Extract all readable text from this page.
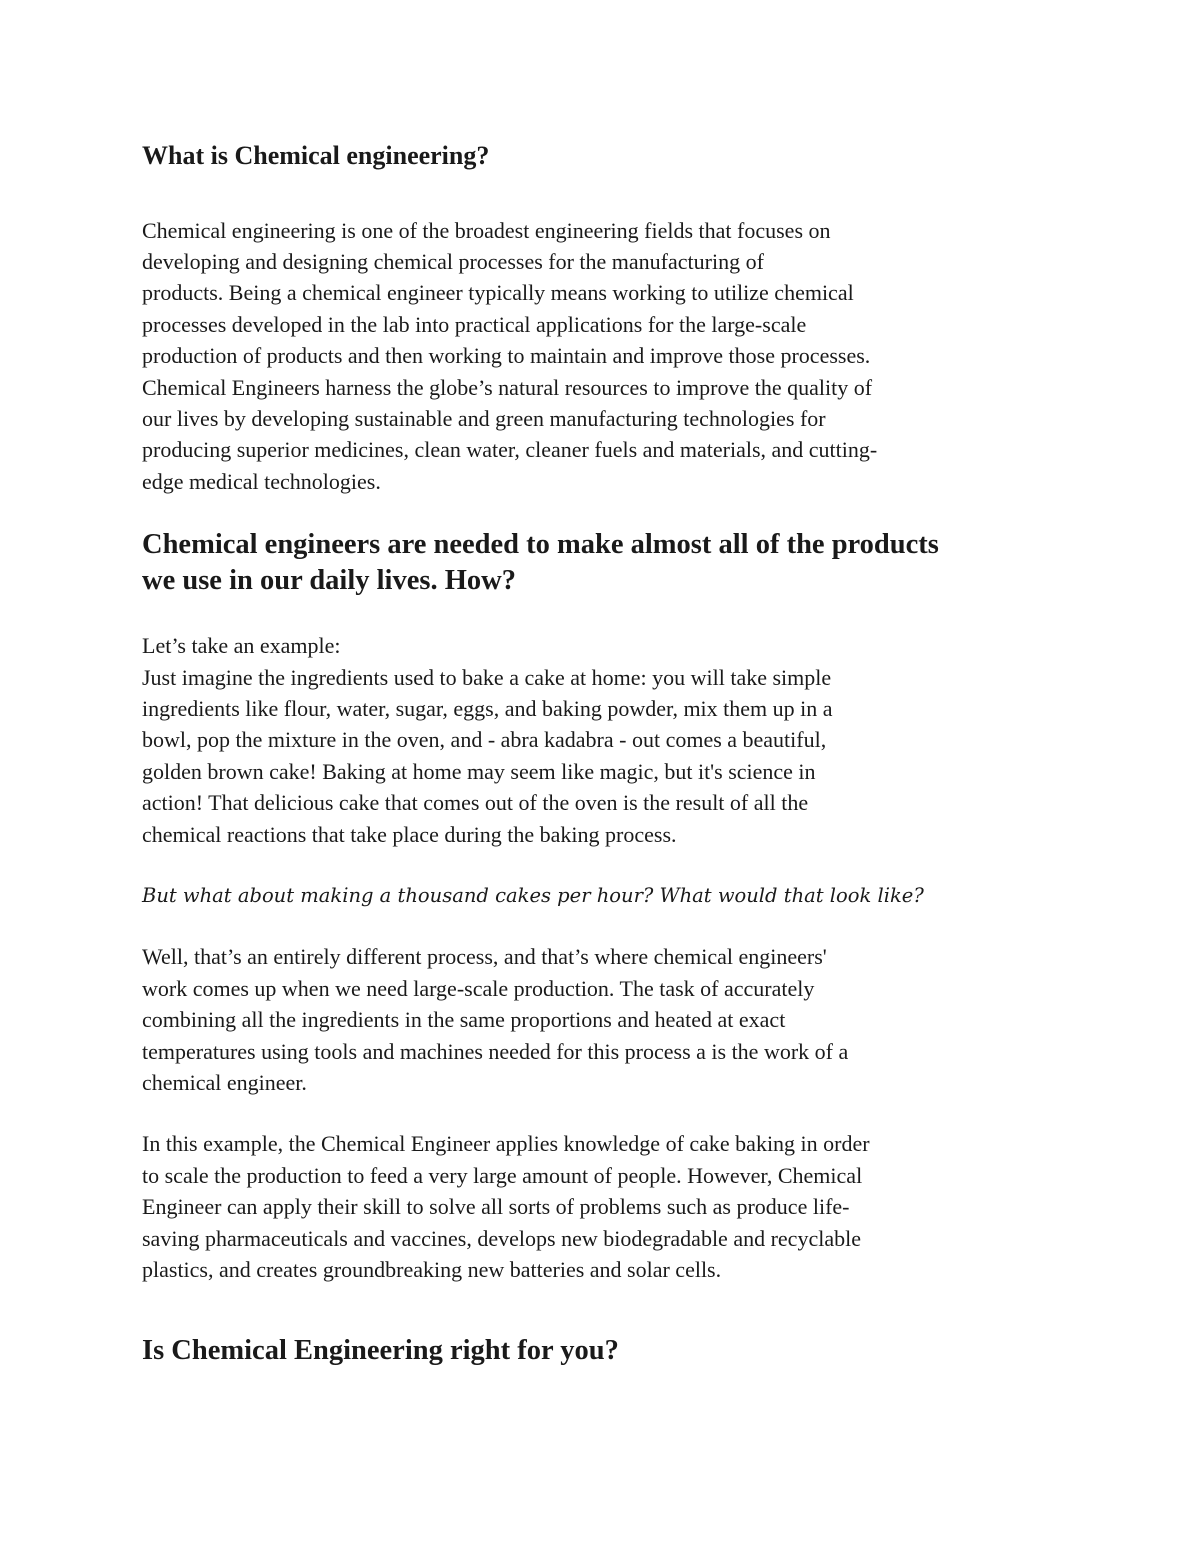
What is Chemical engineering?

Chemical engineering is one of the broadest engineering fields that focuses on
developing and designing chemical processes for the manufacturing of
products. Being a chemical engineer typically means working to utilize chemical
processes developed in the lab into practical applications for the large-scale
production of products and then working to maintain and improve those processes.
Chemical Engineers harness the globe’s natural resources to improve the quality of
our lives by developing sustainable and green manufacturing technologies for
producing superior medicines, clean water, cleaner fuels and materials, and cutting-
edge medical technologies.

Chemical engineers are needed to make almost all of the products
we use in our daily lives. How?

Let’s take an example:
Just imagine the ingredients used to bake a cake at home: you will take simple
ingredients like flour, water, sugar, eggs, and baking powder, mix them up in a
bowl, pop the mixture in the oven, and - abra kadabra - out comes a beautiful,
golden brown cake! Baking at home may seem like magic, but it's science in
action! That delicious cake that comes out of the oven is the result of all the
chemical reactions that take place during the baking process.

But what about making a thousand cakes per hour? What would that look like?

Well, that’s an entirely different process, and that’s where chemical engineers'
work comes up when we need large-scale production. The task of accurately
combining all the ingredients in the same proportions and heated at exact
temperatures using tools and machines needed for this process a is the work of a
chemical engineer.

In this example, the Chemical Engineer applies knowledge of cake baking in order
to scale the production to feed a very large amount of people. However, Chemical
Engineer can apply their skill to solve all sorts of problems such as produce life-
saving pharmaceuticals and vaccines, develops new biodegradable and recyclable
plastics, and creates groundbreaking new batteries and solar cells.

Is Chemical Engineering right for you?
